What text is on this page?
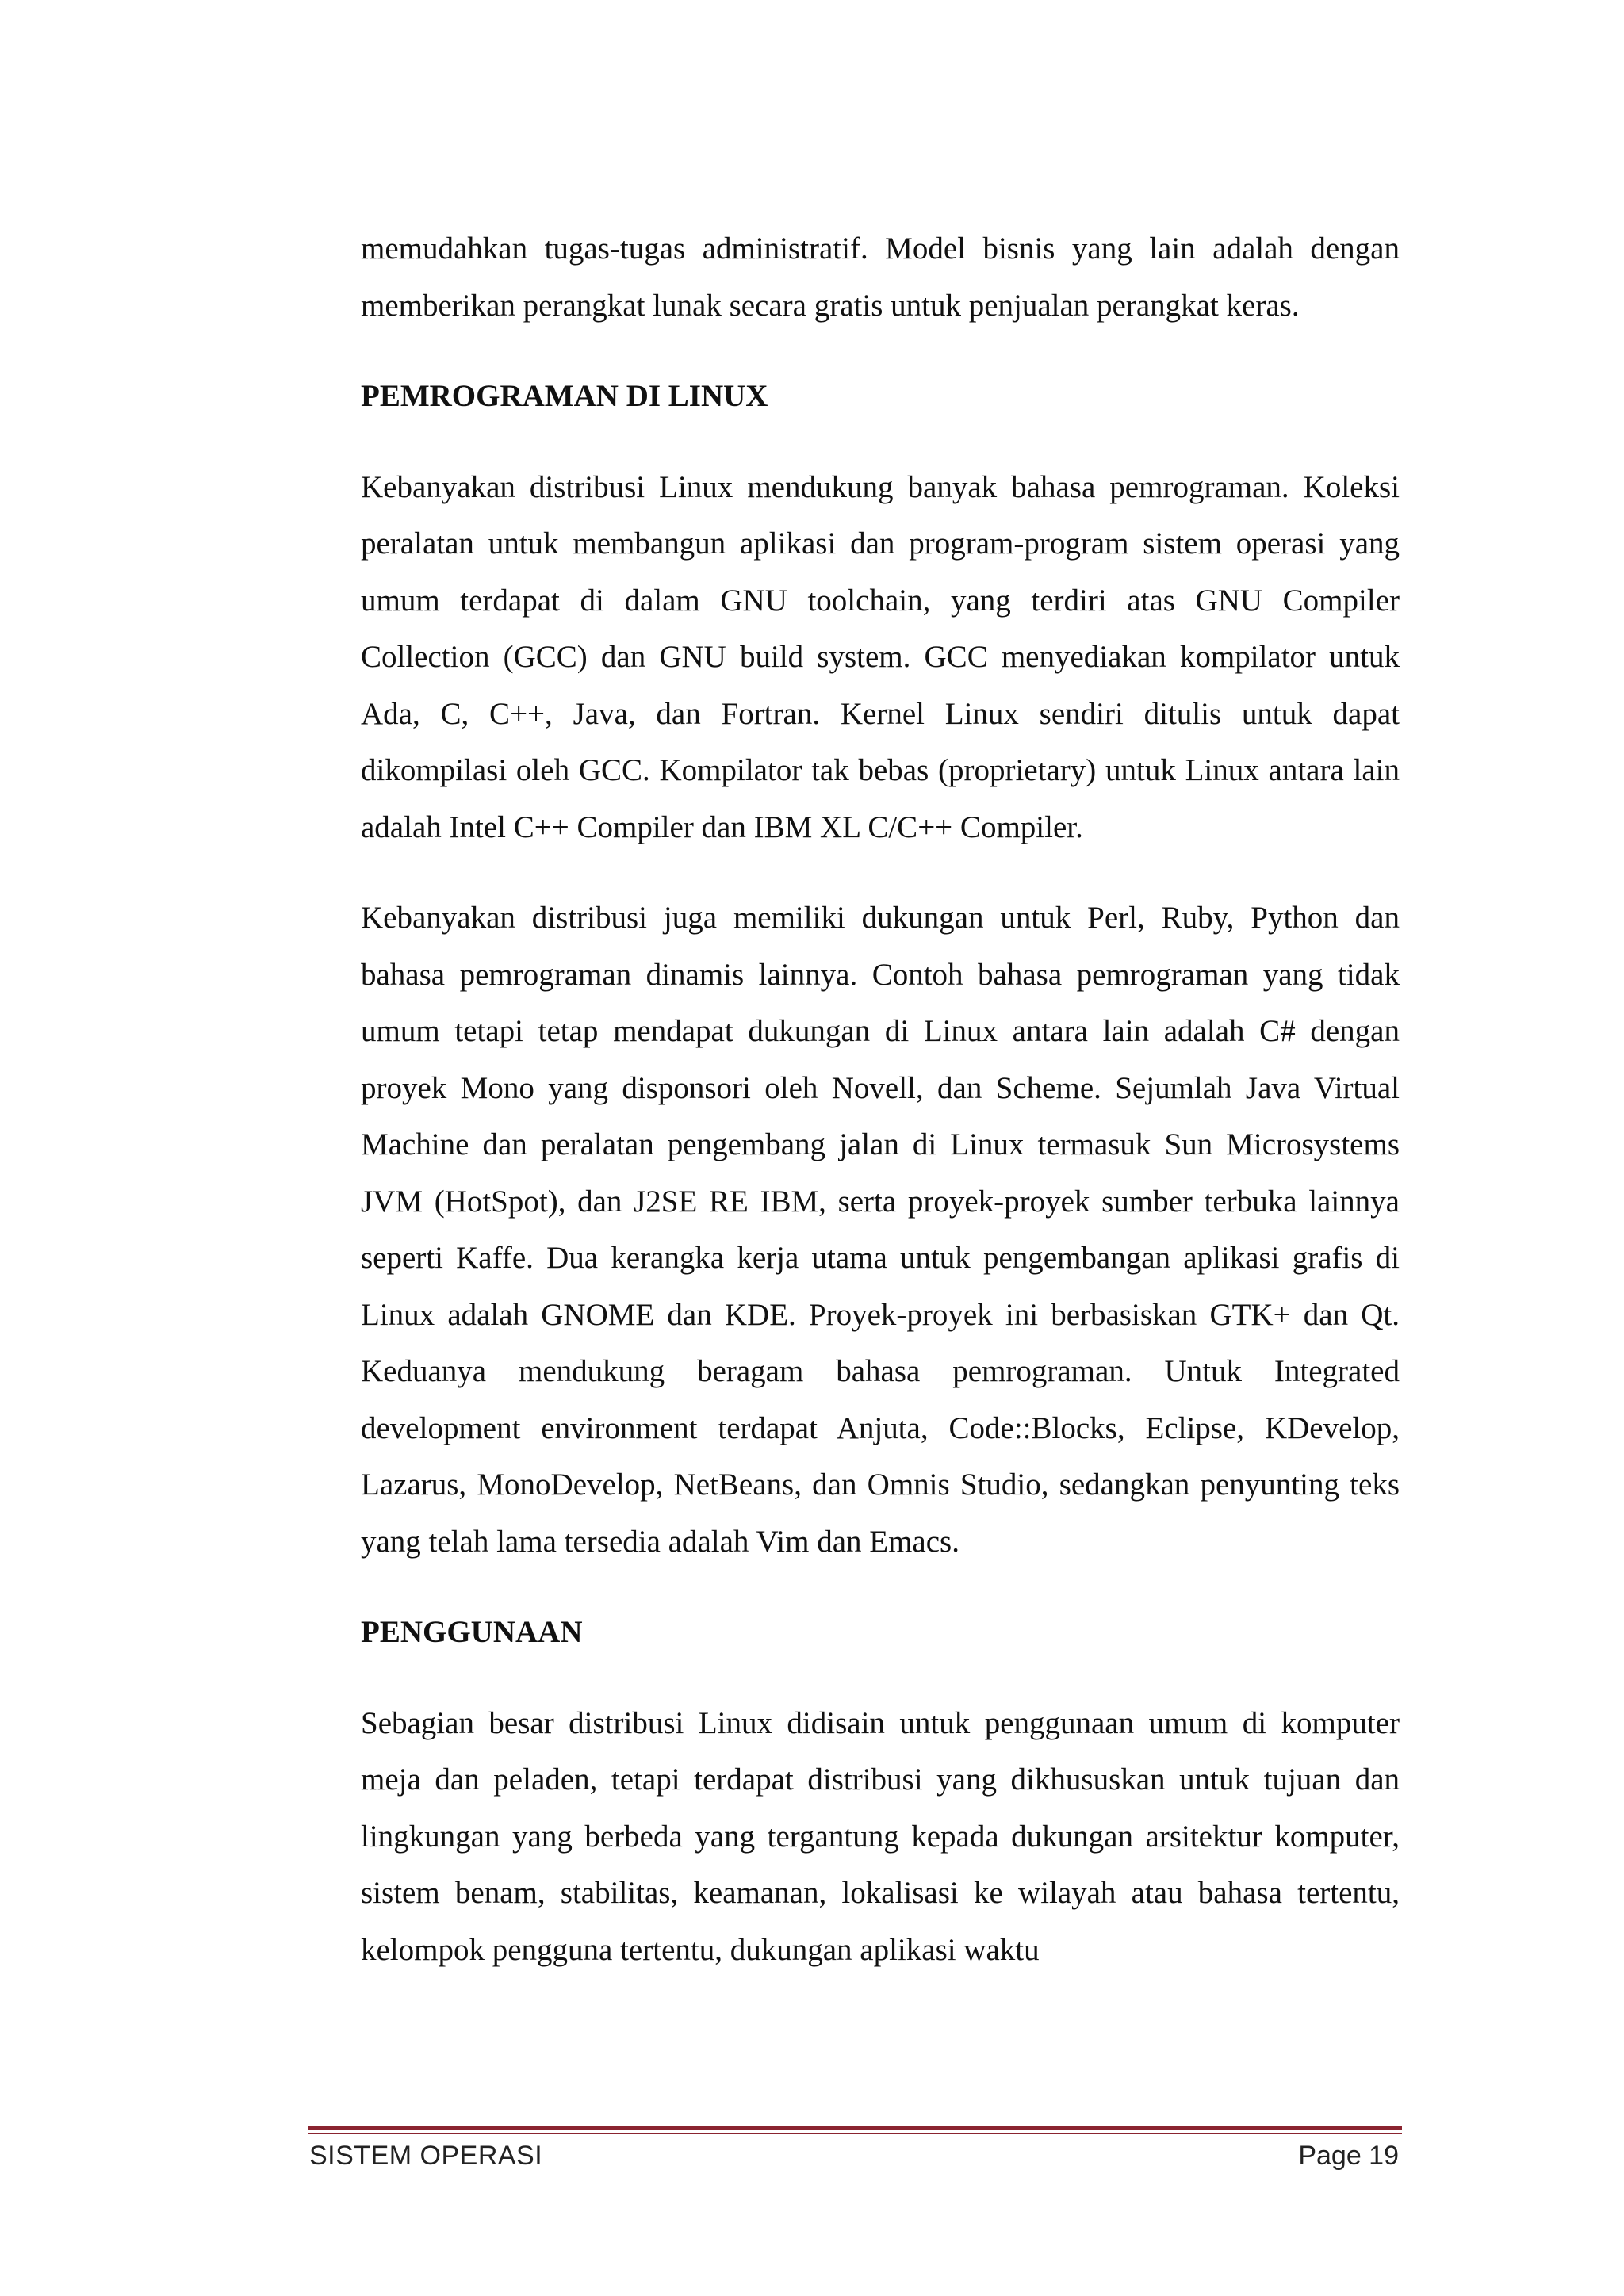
memudahkan tugas-tugas administratif. Model bisnis yang lain adalah dengan memberikan perangkat lunak secara gratis untuk penjualan perangkat keras.

PEMROGRAMAN DI LINUX

Kebanyakan distribusi Linux mendukung banyak bahasa pemrograman. Koleksi peralatan untuk membangun aplikasi dan program-program sistem operasi yang umum terdapat di dalam GNU toolchain, yang terdiri atas GNU Compiler Collection (GCC) dan GNU build system. GCC menyediakan kompilator untuk Ada, C, C++, Java, dan Fortran. Kernel Linux sendiri ditulis untuk dapat dikompilasi oleh GCC. Kompilator tak bebas (proprietary) untuk Linux antara lain adalah Intel C++ Compiler dan IBM XL C/C++ Compiler.

Kebanyakan distribusi juga memiliki dukungan untuk Perl, Ruby, Python dan bahasa pemrograman dinamis lainnya. Contoh bahasa pemrograman yang tidak umum tetapi tetap mendapat dukungan di Linux antara lain adalah C# dengan proyek Mono yang disponsori oleh Novell, dan Scheme. Sejumlah Java Virtual Machine dan peralatan pengembang jalan di Linux termasuk Sun Microsystems JVM (HotSpot), dan J2SE RE IBM, serta proyek-proyek sumber terbuka lainnya seperti Kaffe. Dua kerangka kerja utama untuk pengembangan aplikasi grafis di Linux adalah GNOME dan KDE. Proyek-proyek ini berbasiskan GTK+ dan Qt. Keduanya mendukung beragam bahasa pemrograman. Untuk Integrated development environment terdapat Anjuta, Code::Blocks, Eclipse, KDevelop, Lazarus, MonoDevelop, NetBeans, dan Omnis Studio, sedangkan penyunting teks yang telah lama tersedia adalah Vim dan Emacs.

PENGGUNAAN

Sebagian besar distribusi Linux didisain untuk penggunaan umum di komputer meja dan peladen, tetapi terdapat distribusi yang dikhususkan untuk tujuan dan lingkungan yang berbeda yang tergantung kepada dukungan arsitektur komputer, sistem benam, stabilitas, keamanan, lokalisasi ke wilayah atau bahasa tertentu, kelompok pengguna tertentu, dukungan aplikasi waktu

SISTEM OPERASI	Page 19
